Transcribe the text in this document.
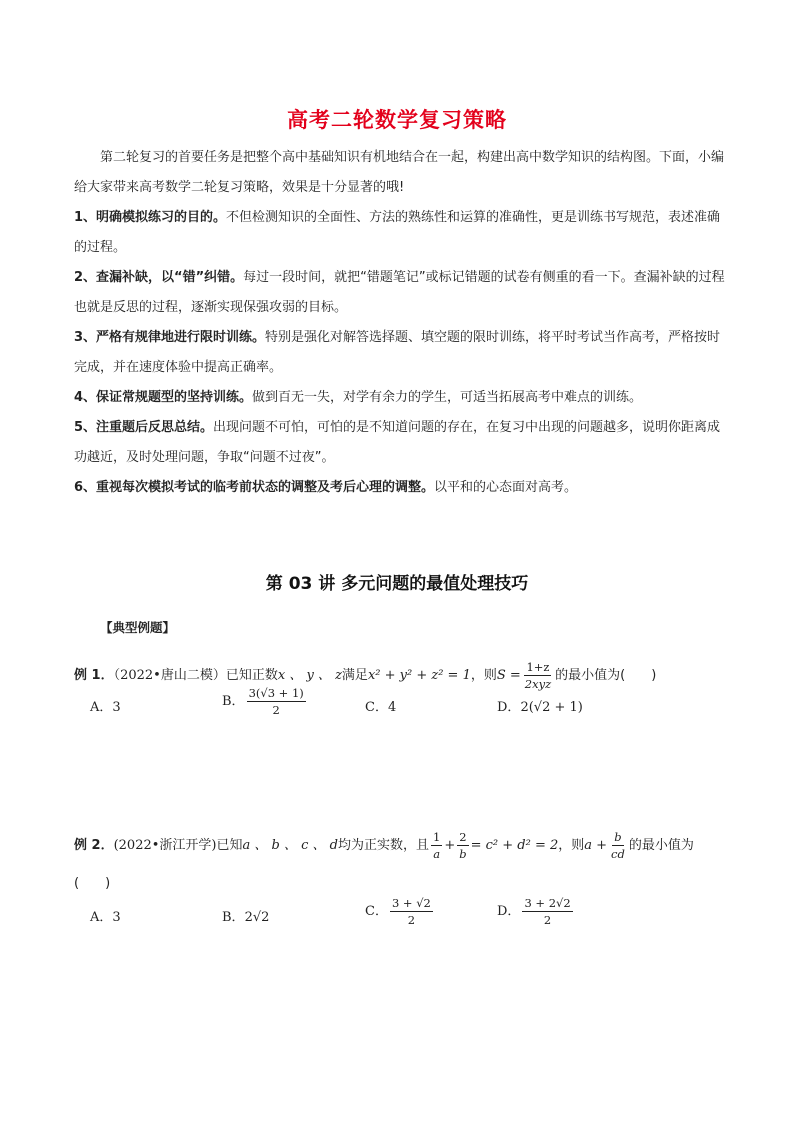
高考二轮数学复习策略
第二轮复习的首要任务是把整个高中基础知识有机地结合在一起，构建出高中数学知识的结构图。下面，小编给大家带来高考数学二轮复习策略，效果是十分显著的哦!
1、明确模拟练习的目的。不但检测知识的全面性、方法的熟练性和运算的准确性，更是训练书写规范，表述准确的过程。
2、查漏补缺，以“错”纠错。每过一段时间，就把“错题笔记”或标记错题的试卷有侧重的看一下。查漏补缺的过程也就是反思的过程，逐渐实现保强攻弱的目标。
3、严格有规律地进行限时训练。特别是强化对解答选择题、填空题的限时训练，将平时考试当作高考，严格按时完成，并在速度体验中提高正确率。
4、保证常规题型的坚持训练。做到百无一失，对学有余力的学生，可适当拓展高考中难点的训练。
5、注重题后反思总结。出现问题不可怕，可怕的是不知道问题的存在，在复习中出现的问题越多，说明你距离成功越近，及时处理问题，争取“问题不过夜”。
6、重视每次模拟考试的临考前状态的调整及考后心理的调整。以平和的心态面对高考。
第 03 讲 多元问题的最值处理技巧
【典型例题】
例 1．（2022•唐山二模）已知正数x 、 y 、 z满足x² + y² + z² = 1，则$S = \frac{1+z}{\text{2xyz}}$ 的最小值为(　　)
A．3	B． $\frac{3(√3 + 1)}{2}$	C．4	D．2(√2 + 1)
例 2．(2022•浙江开学)已知a 、 b 、 c 、 d均为正实数，且 $\frac{1}{a} + \frac{2}{b} = c^2 + d^2 = 2$，则$a + \frac{b}{cd}$ 的最小值为
(　　)
A．3	B．2√2	C． $\frac{3 + √2}{2}$	D． $\frac{3 + 2√2}{2}$
